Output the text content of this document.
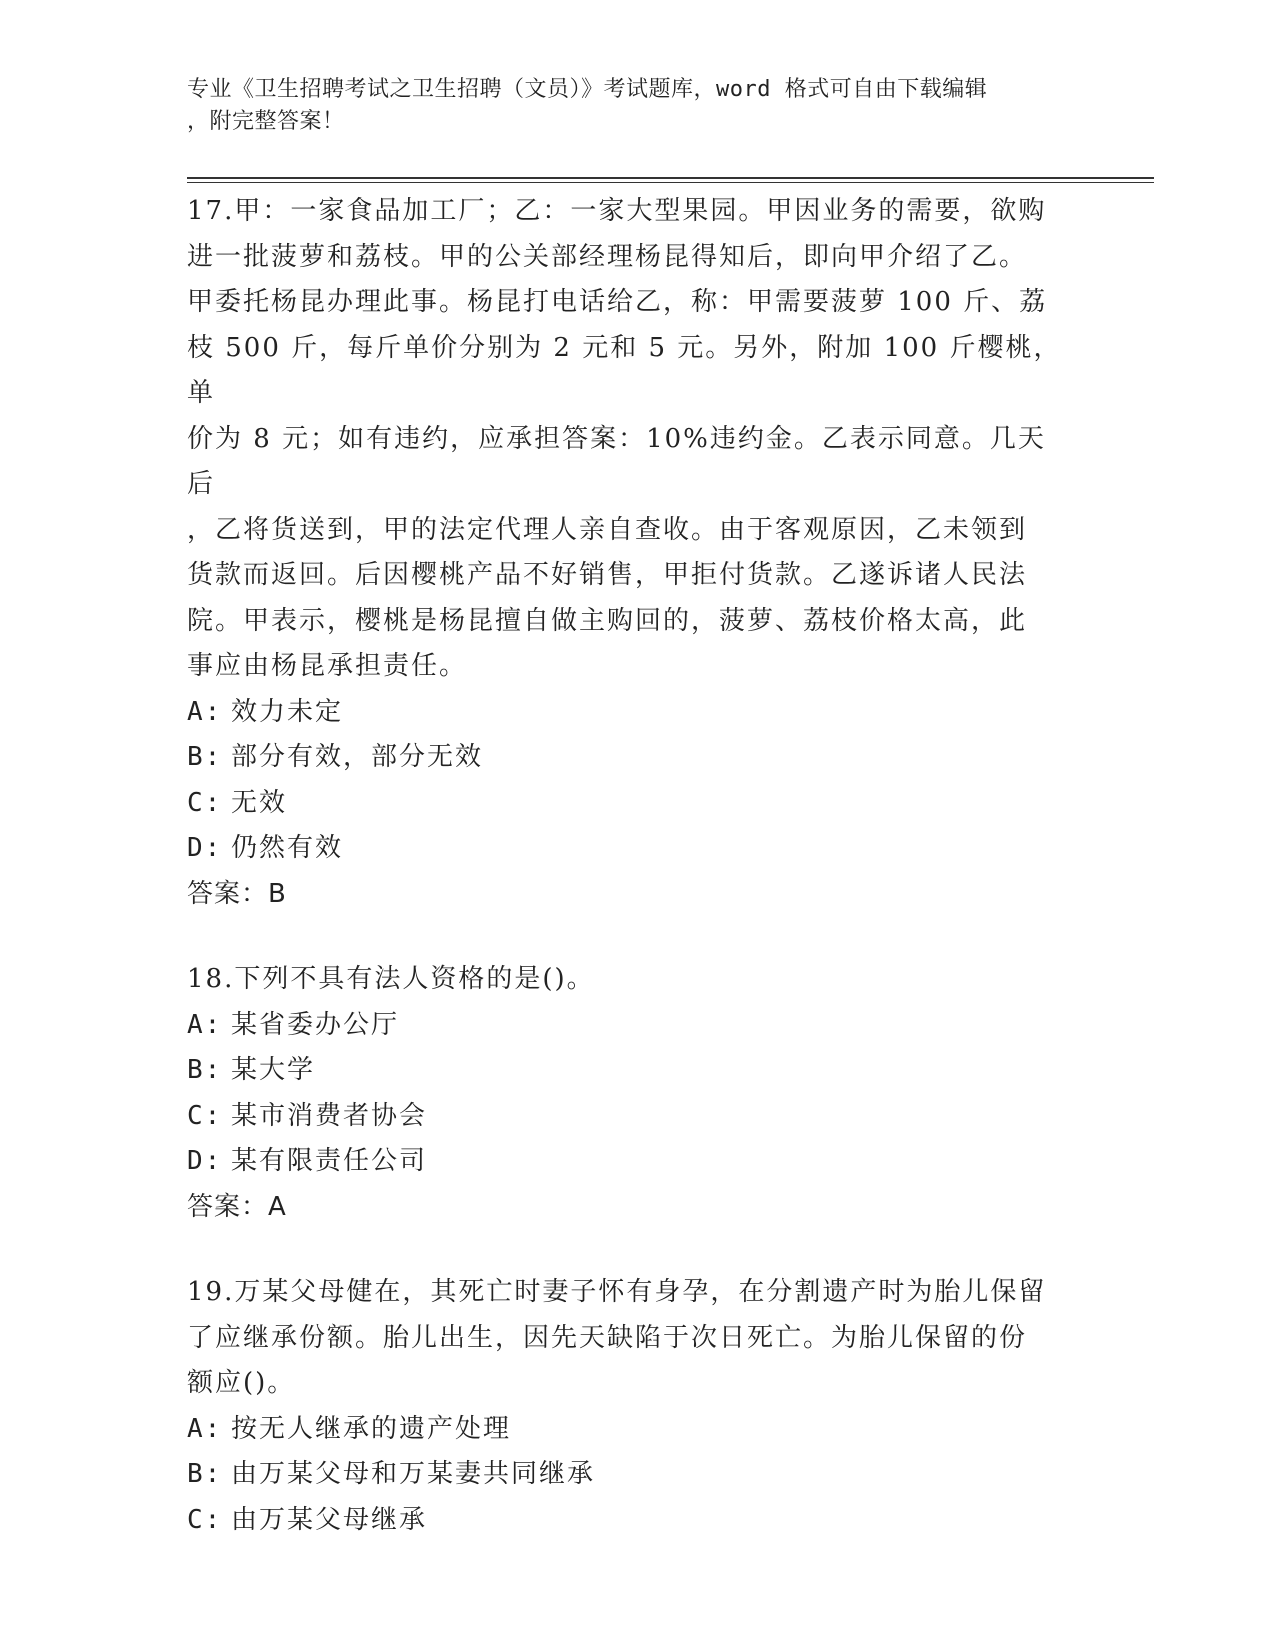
专业《卫生招聘考试之卫生招聘（文员）》考试题库，word 格式可自由下载编辑
，附完整答案！
17.甲：一家食品加工厂；乙：一家大型果园。甲因业务的需要，欲购
进一批菠萝和荔枝。甲的公关部经理杨昆得知后，即向甲介绍了乙。
甲委托杨昆办理此事。杨昆打电话给乙，称：甲需要菠萝 100 斤、荔
枝 500 斤，每斤单价分别为 2 元和 5 元。另外，附加 100 斤樱桃，单
价为 8 元；如有违约，应承担答案：10%违约金。乙表示同意。几天后
，乙将货送到，甲的法定代理人亲自查收。由于客观原因，乙未领到
货款而返回。后因樱桃产品不好销售，甲拒付货款。乙遂诉诸人民法
院。甲表示，樱桃是杨昆擅自做主购回的，菠萝、荔枝价格太高，此
事应由杨昆承担责任。
A: 效力未定
B: 部分有效，部分无效
C: 无效
D: 仍然有效
答案：B
18.下列不具有法人资格的是()。
A: 某省委办公厅
B: 某大学
C: 某市消费者协会
D: 某有限责任公司
答案：A
19.万某父母健在，其死亡时妻子怀有身孕，在分割遗产时为胎儿保留
了应继承份额。胎儿出生，因先天缺陷于次日死亡。为胎儿保留的份
额应()。
A: 按无人继承的遗产处理
B: 由万某父母和万某妻共同继承
C: 由万某父母继承
